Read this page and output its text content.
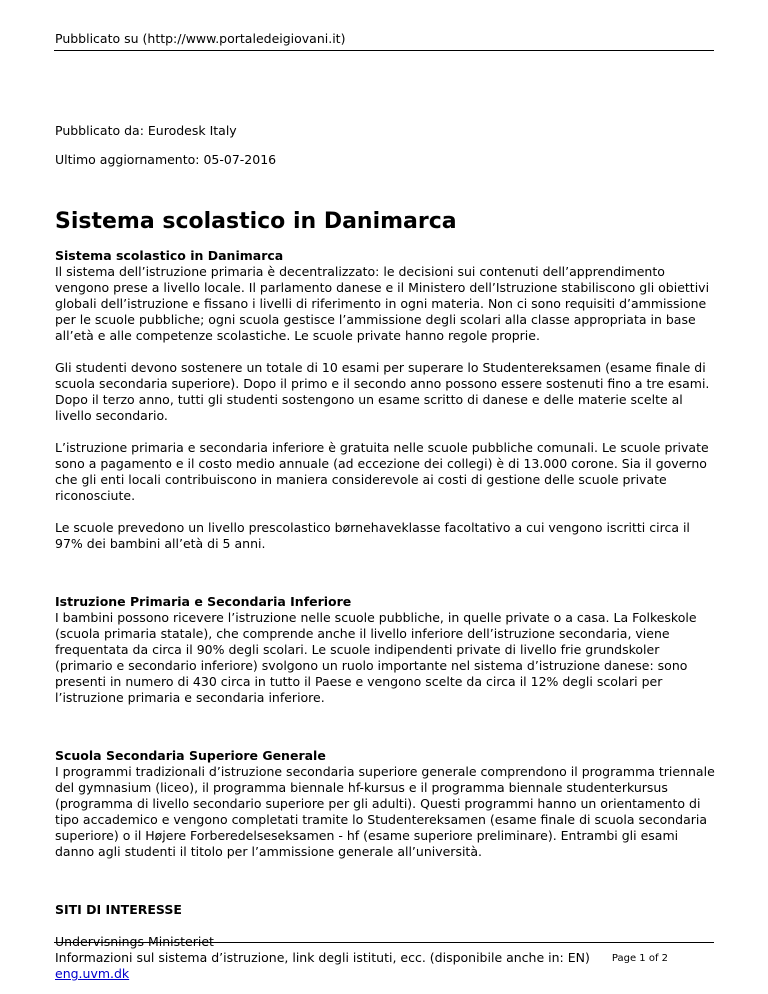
Pubblicato su (http://www.portaledeigiovani.it)
Pubblicato da: Eurodesk Italy
Ultimo aggiornamento: 05-07-2016
Sistema scolastico in Danimarca
Sistema scolastico in Danimarca

Il sistema dell’istruzione primaria è decentralizzato: le decisioni sui contenuti dell’apprendimento vengono prese a livello locale. Il parlamento danese e il Ministero dell’Istruzione stabiliscono gli obiettivi globali dell’istruzione e fissano i livelli di riferimento in ogni materia. Non ci sono requisiti d’ammissione per le scuole pubbliche; ogni scuola gestisce l’ammissione degli scolari alla classe appropriata in base all’età e alle competenze scolastiche. Le scuole private hanno regole proprie.

Gli studenti devono sostenere un totale di 10 esami per superare lo Studentereksamen (esame finale di scuola secondaria superiore). Dopo il primo e il secondo anno possono essere sostenuti fino a tre esami. Dopo il terzo anno, tutti gli studenti sostengono un esame scritto di danese e delle materie scelte al livello secondario.

L’istruzione primaria e secondaria inferiore è gratuita nelle scuole pubbliche comunali. Le scuole private sono a pagamento e il costo medio annuale (ad eccezione dei collegi) è di 13.000 corone. Sia il governo che gli enti locali contribuiscono in maniera considerevole ai costi di gestione delle scuole private riconosciute.

Le scuole prevedono un livello prescolastico børnehaveklasse facoltativo a cui vengono iscritti circa il 97% dei bambini all’età di 5 anni.

Istruzione Primaria e Secondaria Inferiore

I bambini possono ricevere l’istruzione nelle scuole pubbliche, in quelle private o a casa. La Folkeskole (scuola primaria statale), che comprende anche il livello inferiore dell’istruzione secondaria, viene frequentata da circa il 90% degli scolari. Le scuole indipendenti private di livello frie grundskoler (primario e secondario inferiore) svolgono un ruolo importante nel sistema d’istruzione danese: sono presenti in numero di 430 circa in tutto il Paese e vengono scelte da circa il 12% degli scolari per l’istruzione primaria e secondaria inferiore.

Scuola Secondaria Superiore Generale

I programmi tradizionali d’istruzione secondaria superiore generale comprendono il programma triennale del gymnasium (liceo), il programma biennale hf-kursus e il programma biennale studenterkursus (programma di livello secondario superiore per gli adulti). Questi programmi hanno un orientamento di tipo accademico e vengono completati tramite lo Studentereksamen (esame finale di scuola secondaria superiore) o il Højere Forberedelseseksamen - hf (esame superiore preliminare). Entrambi gli esami danno agli studenti il titolo per l’ammissione generale all’università.

SITI DI INTERESSE

Undervisnings Ministeriet

Informazioni sul sistema d’istruzione, link degli istituti, ecc. (disponibile anche in: EN)

eng.uvm.dk

Page 1 of 2
